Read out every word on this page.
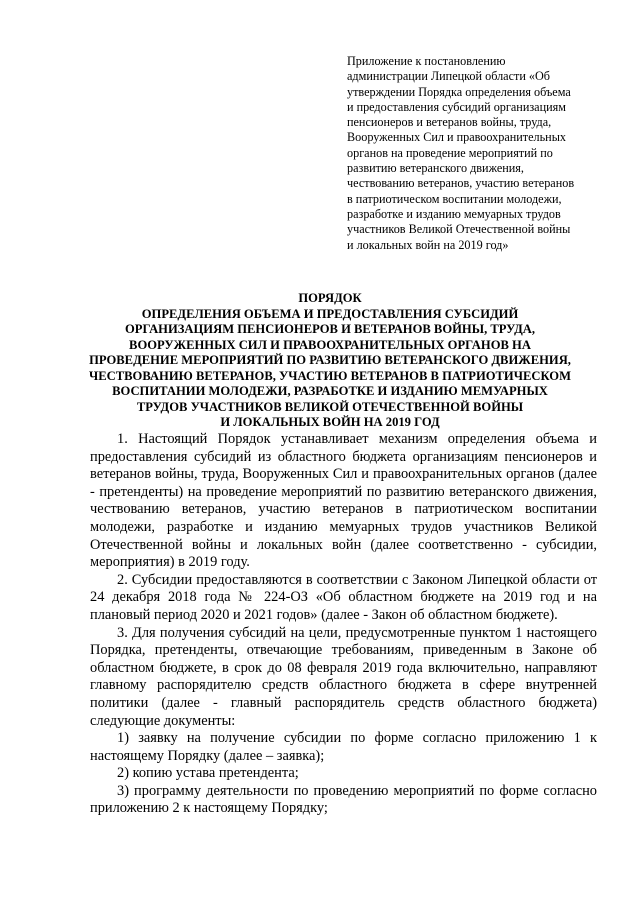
Приложение к постановлению
администрации Липецкой области «Об
утверждении Порядка определения объема
и предоставления субсидий организациям
пенсионеров и ветеранов войны, труда,
Вооруженных Сил и правоохранительных
органов на проведение мероприятий по
развитию ветеранского движения,
чествованию ветеранов, участию ветеранов
в патриотическом воспитании молодежи,
разработке и изданию мемуарных трудов
участников Великой Отечественной войны
и локальных войн на 2019 год»
ПОРЯДОК
ОПРЕДЕЛЕНИЯ ОБЪЕМА И ПРЕДОСТАВЛЕНИЯ СУБСИДИЙ
ОРГАНИЗАЦИЯМ ПЕНСИОНЕРОВ И ВЕТЕРАНОВ ВОЙНЫ, ТРУДА,
ВООРУЖЕННЫХ СИЛ И ПРАВООХРАНИТЕЛЬНЫХ ОРГАНОВ НА
ПРОВЕДЕНИЕ МЕРОПРИЯТИЙ ПО РАЗВИТИЮ ВЕТЕРАНСКОГО ДВИЖЕНИЯ,
ЧЕСТВОВАНИЮ ВЕТЕРАНОВ, УЧАСТИЮ ВЕТЕРАНОВ В ПАТРИОТИЧЕСКОМ
ВОСПИТАНИИ МОЛОДЕЖИ, РАЗРАБОТКЕ И ИЗДАНИЮ МЕМУАРНЫХ
ТРУДОВ УЧАСТНИКОВ ВЕЛИКОЙ ОТЕЧЕСТВЕННОЙ ВОЙНЫ
И ЛОКАЛЬНЫХ ВОЙН НА 2019 ГОД

1. Настоящий Порядок устанавливает механизм определения объема и предоставления субсидий из областного бюджета организациям пенсионеров и ветеранов войны, труда, Вооруженных Сил и правоохранительных органов (далее - претенденты) на проведение мероприятий по развитию ветеранского движения, чествованию ветеранов, участию ветеранов в патриотическом воспитании молодежи, разработке и изданию мемуарных трудов участников Великой Отечественной войны и локальных войн (далее соответственно - субсидии, мероприятия) в 2019 году.

2. Субсидии предоставляются в соответствии с Законом Липецкой области от 24 декабря 2018 года № 224-ОЗ «Об областном бюджете на 2019 год и на плановый период 2020 и 2021 годов» (далее - Закон об областном бюджете).

3. Для получения субсидий на цели, предусмотренные пунктом 1 настоящего Порядка, претенденты, отвечающие требованиям, приведенным в Законе об областном бюджете, в срок до 08 февраля 2019 года включительно, направляют главному распорядителю средств областного бюджета в сфере внутренней политики (далее - главный распорядитель средств областного бюджета) следующие документы:

1) заявку на получение субсидии по форме согласно приложению 1 к настоящему Порядку (далее – заявка);

2) копию устава претендента;

3) программу деятельности по проведению мероприятий по форме согласно приложению 2 к настоящему Порядку;
